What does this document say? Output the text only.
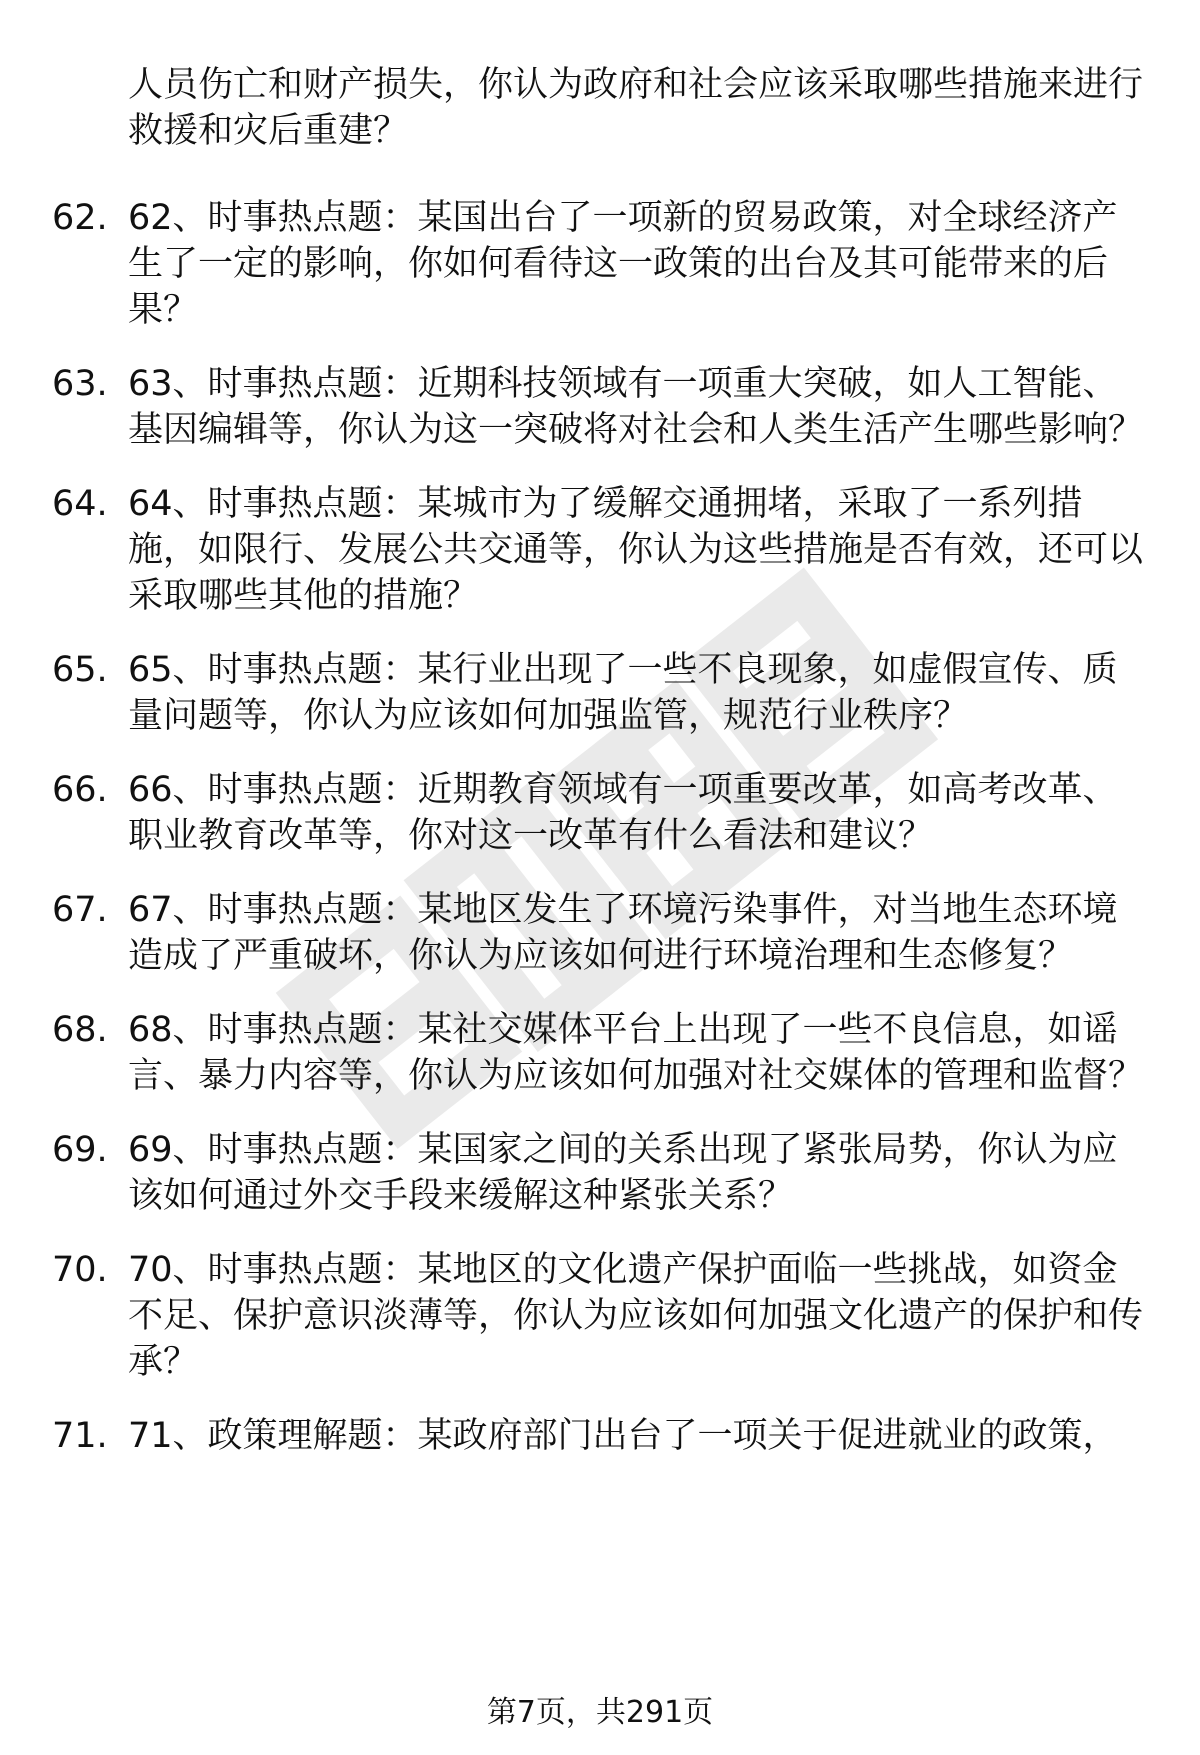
人员伤亡和财产损失，你认为政府和社会应该采取哪些措施来进行救援和灾后重建？
62. 62、时事热点题：某国出台了一项新的贸易政策，对全球经济产生了一定的影响，你如何看待这一政策的出台及其可能带来的后果？
63. 63、时事热点题：近期科技领域有一项重大突破，如人工智能、基因编辑等，你认为这一突破将对社会和人类生活产生哪些影响？
64. 64、时事热点题：某城市为了缓解交通拥堵，采取了一系列措施，如限行、发展公共交通等，你认为这些措施是否有效，还可以采取哪些其他的措施？
65. 65、时事热点题：某行业出现了一些不良现象，如虚假宣传、质量问题等，你认为应该如何加强监管，规范行业秩序？
66. 66、时事热点题：近期教育领域有一项重要改革，如高考改革、职业教育改革等，你对这一改革有什么看法和建议？
67. 67、时事热点题：某地区发生了环境污染事件，对当地生态环境造成了严重破坏，你认为应该如何进行环境治理和生态修复？
68. 68、时事热点题：某社交媒体平台上出现了一些不良信息，如谣言、暴力内容等，你认为应该如何加强对社交媒体的管理和监督？
69. 69、时事热点题：某国家之间的关系出现了紧张局势，你认为应该如何通过外交手段来缓解这种紧张关系？
70. 70、时事热点题：某地区的文化遗产保护面临一些挑战，如资金不足、保护意识淡薄等，你认为应该如何加强文化遗产的保护和传承？
71. 71、政策理解题：某政府部门出台了一项关于促进就业的政策，
第7页，共291页
